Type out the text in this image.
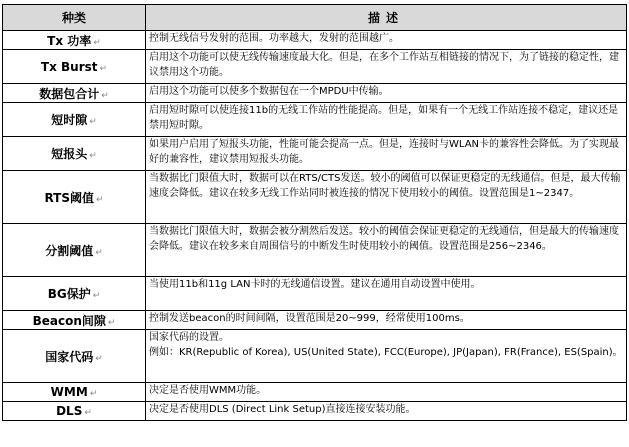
种类	描述
Tx 功率 ↵	控制无线信号发射的范围。功率越大，发射的范围越广。
Tx Burst ↵	启用这个功能可以使无线传输速度最大化。但是，在多个工作站互相链接的情况下，为了链接的稳定性，建议禁用这个功能。
数据包合计 ↵	启用这个功能可以使多个数据包在一个MPDU中传输。
短时隙 ↵	启用短时隙可以使连接11b的无线工作站的性能提高。但是，如果有一个无线工作站连接不稳定，建议还是禁用短时隙。
短报头 ↵	如果用户启用了短报头功能，性能可能会提高一点。但是，连接时与WLAN卡的兼容性会降低。为了实现最好的兼容性，建议禁用短报头功能。
RTS阈值 ↵	当数据比门限值大时，数据可以在RTS/CTS发送。较小的阈值可以保证更稳定的无线通信。但是，最大传输速度会降低。建议在较多无线工作站同时被连接的情况下使用较小的阈值。设置范围是1~2347。
分割阈值 ↵	当数据比门限值大时，数据会被分割然后发送。较小的阈值会保证更稳定的无线通信，但是最大的传输速度会降低。建议在较多来自周围信号的中断发生时使用较小的阈值。设置范围是256~2346。
BG保护 ↵	当使用11b和11g LAN卡时的无线通信设置。建议在通用自动设置中使用。
Beacon间隙 ↵	控制发送beacon的时间间隔，设置范围是20~999，经常使用100ms。
国家代码 ↵	国家代码的设置。
例如：KR(Republic of Korea), US(United State), FCC(Europe), JP(Japan), FR(France), ES(Spain)。

WMM ↵	决定是否使用WMM功能。
DLS ↵	决定是否使用DLS (Direct Link Setup)直接连接安装功能。
